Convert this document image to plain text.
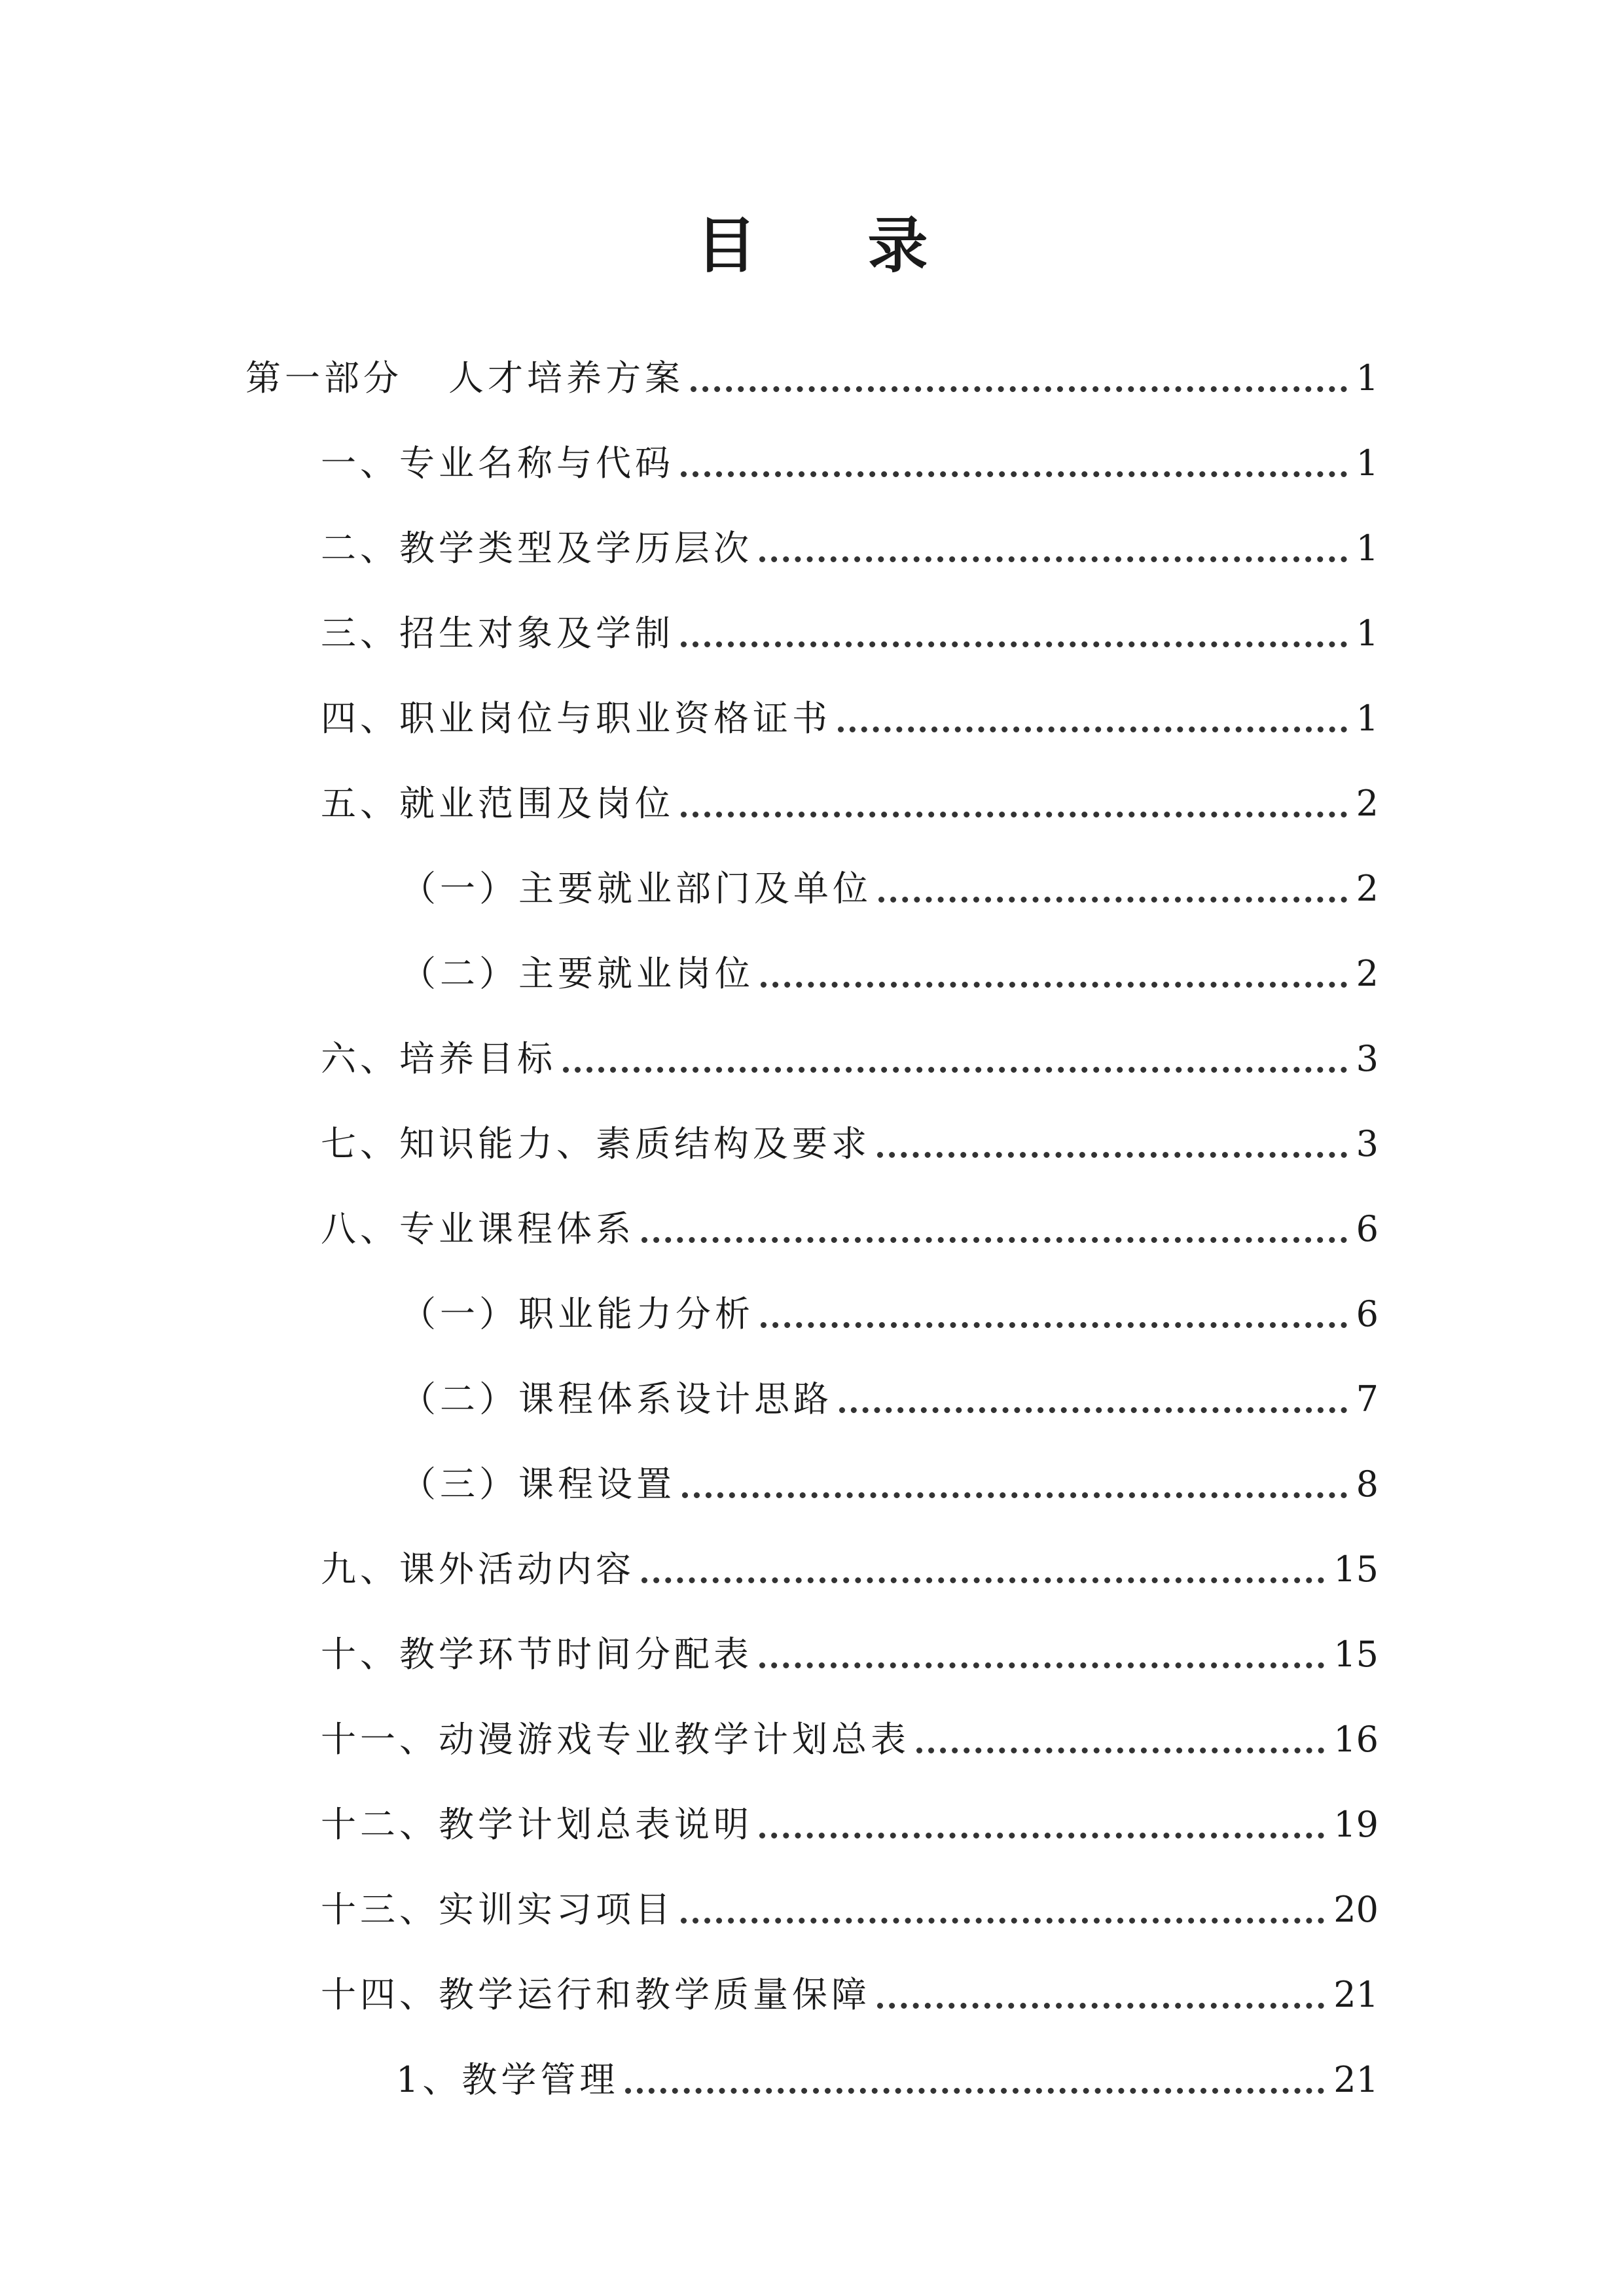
目录
第一部分 人才培养方案	1
一、专业名称与代码	1
二、教学类型及学历层次	1
三、招生对象及学制	1
四、职业岗位与职业资格证书	1
五、就业范围及岗位	2
（一）主要就业部门及单位	2
（二）主要就业岗位	2
六、培养目标	3
七、知识能力、素质结构及要求	3
八、专业课程体系	6
（一）职业能力分析	6
（二）课程体系设计思路	7
（三）课程设置	8
九、课外活动内容	15
十、教学环节时间分配表	15
十一、动漫游戏专业教学计划总表	16
十二、教学计划总表说明	19
十三、实训实习项目	20
十四、教学运行和教学质量保障	21
1、教学管理	21
